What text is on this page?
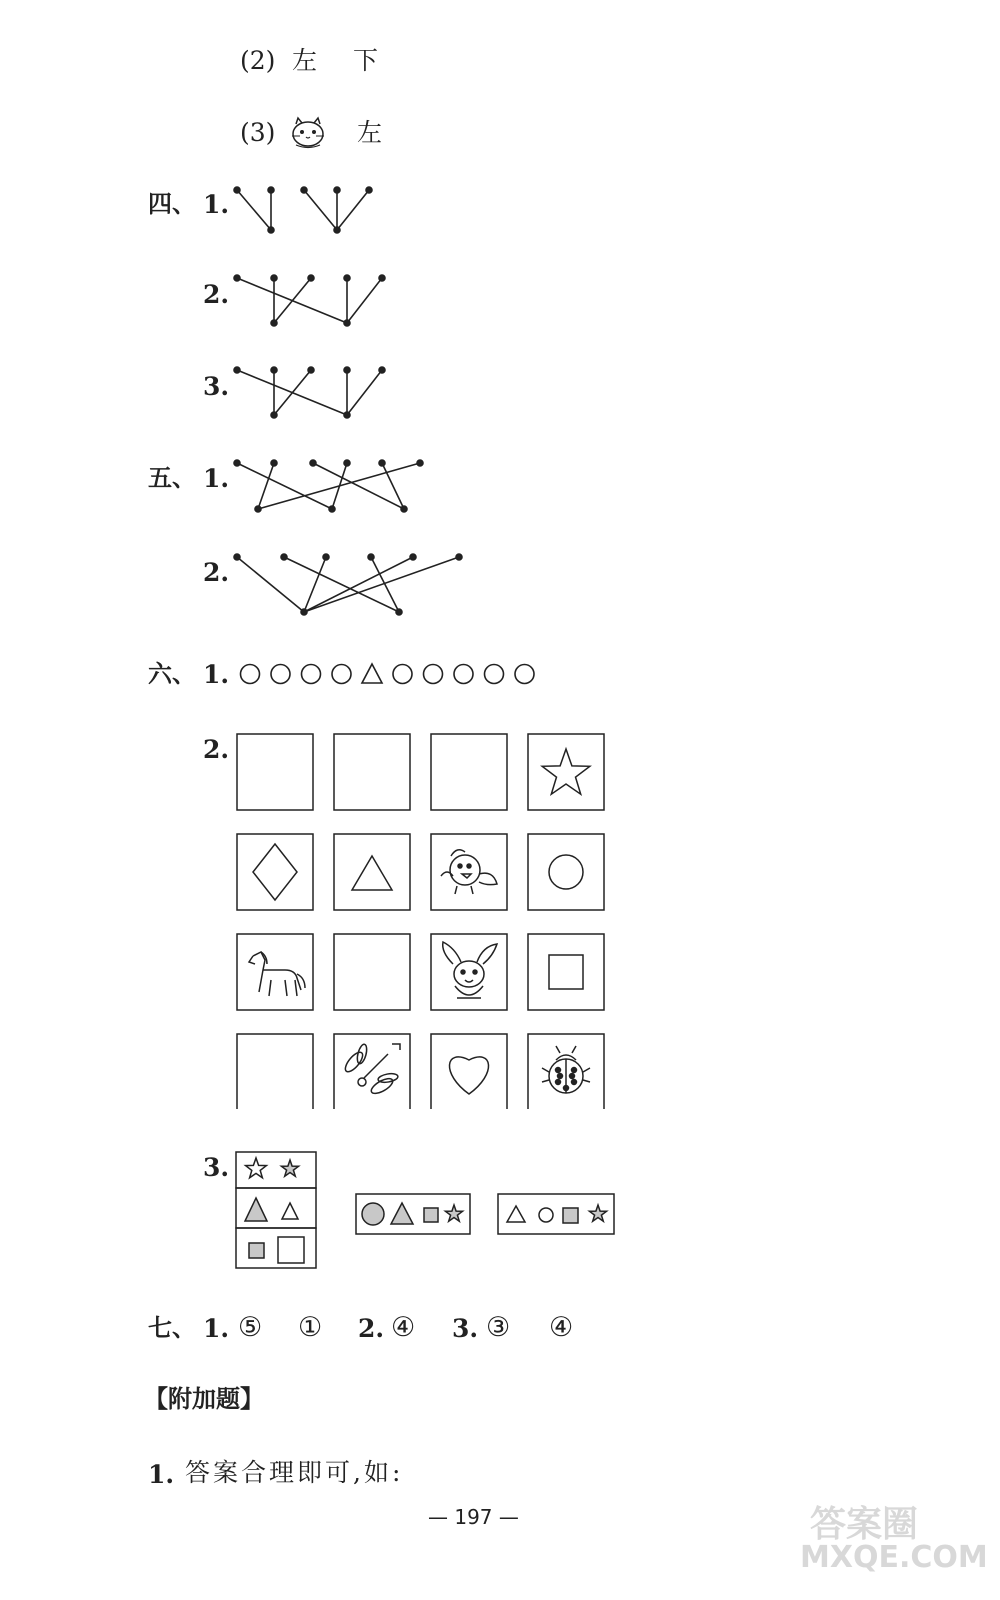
(2) 左 下
(3)	左
四、 1.
2.
3.
五、 1.
2.
六、 1.
2.
3.
七、 1. ⑤ ① 2. ④ 3. ③ ④
【附加题】
1. 答案合理即可,如:
— 197 —	答案圈
MXQE.COM
